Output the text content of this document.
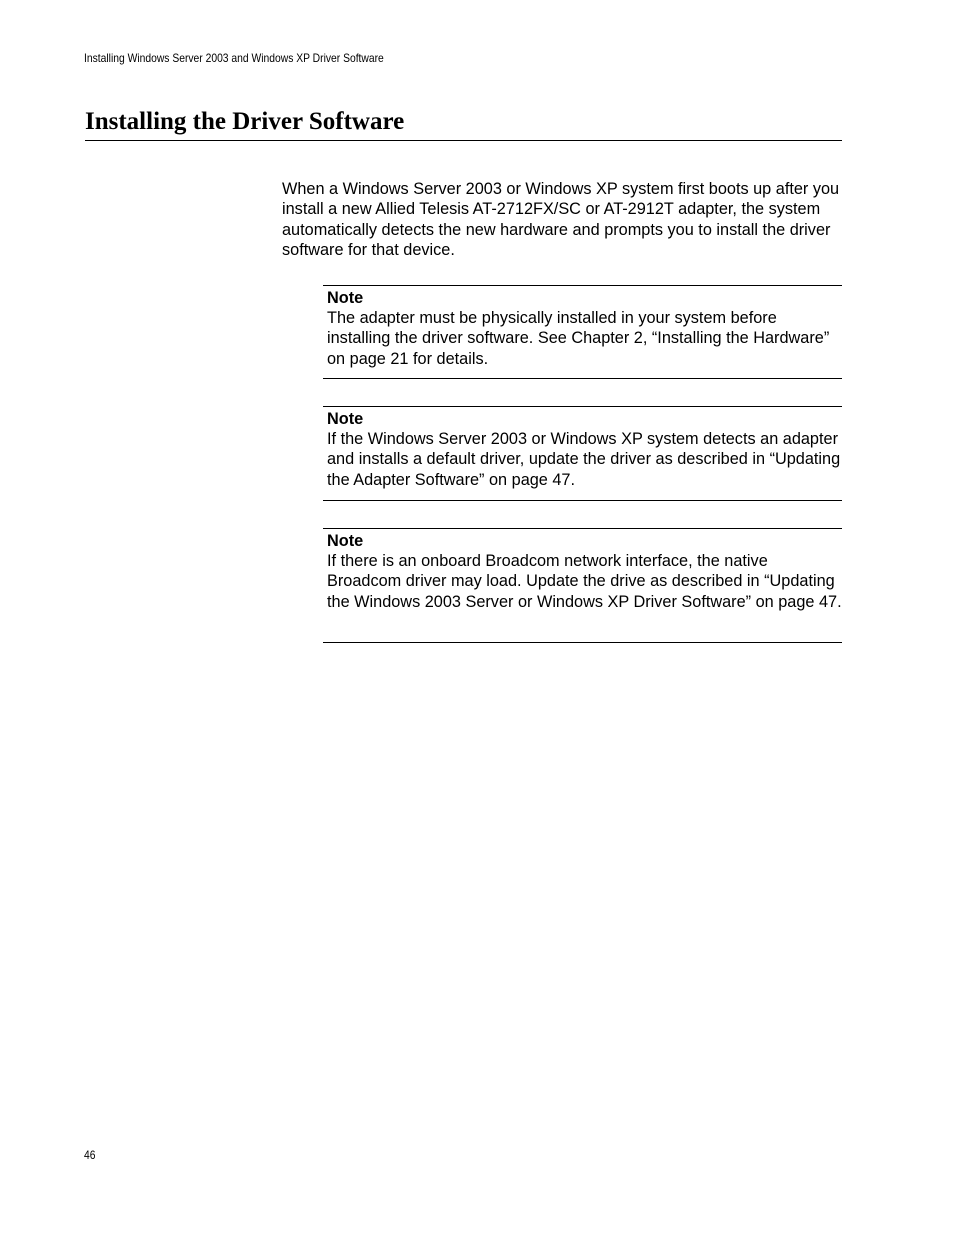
Installing Windows Server 2003 and Windows XP Driver Software
Installing the Driver Software

When a Windows Server 2003 or Windows XP system first boots up after you install a new Allied Telesis AT-2712FX/SC or AT-2912T adapter, the system automatically detects the new hardware and prompts you to install the driver software for that device.

Note

The adapter must be physically installed in your system before installing the driver software. See Chapter 2, “Installing the Hardware” on page 21 for details.

Note

If the Windows Server 2003 or Windows XP system detects an adapter and installs a default driver, update the driver as described in “Updating the Adapter Software” on page 47.

Note

If there is an onboard Broadcom network interface, the native Broadcom driver may load. Update the drive as described in “Updating the Windows 2003 Server or Windows XP Driver Software” on page 47.

46
